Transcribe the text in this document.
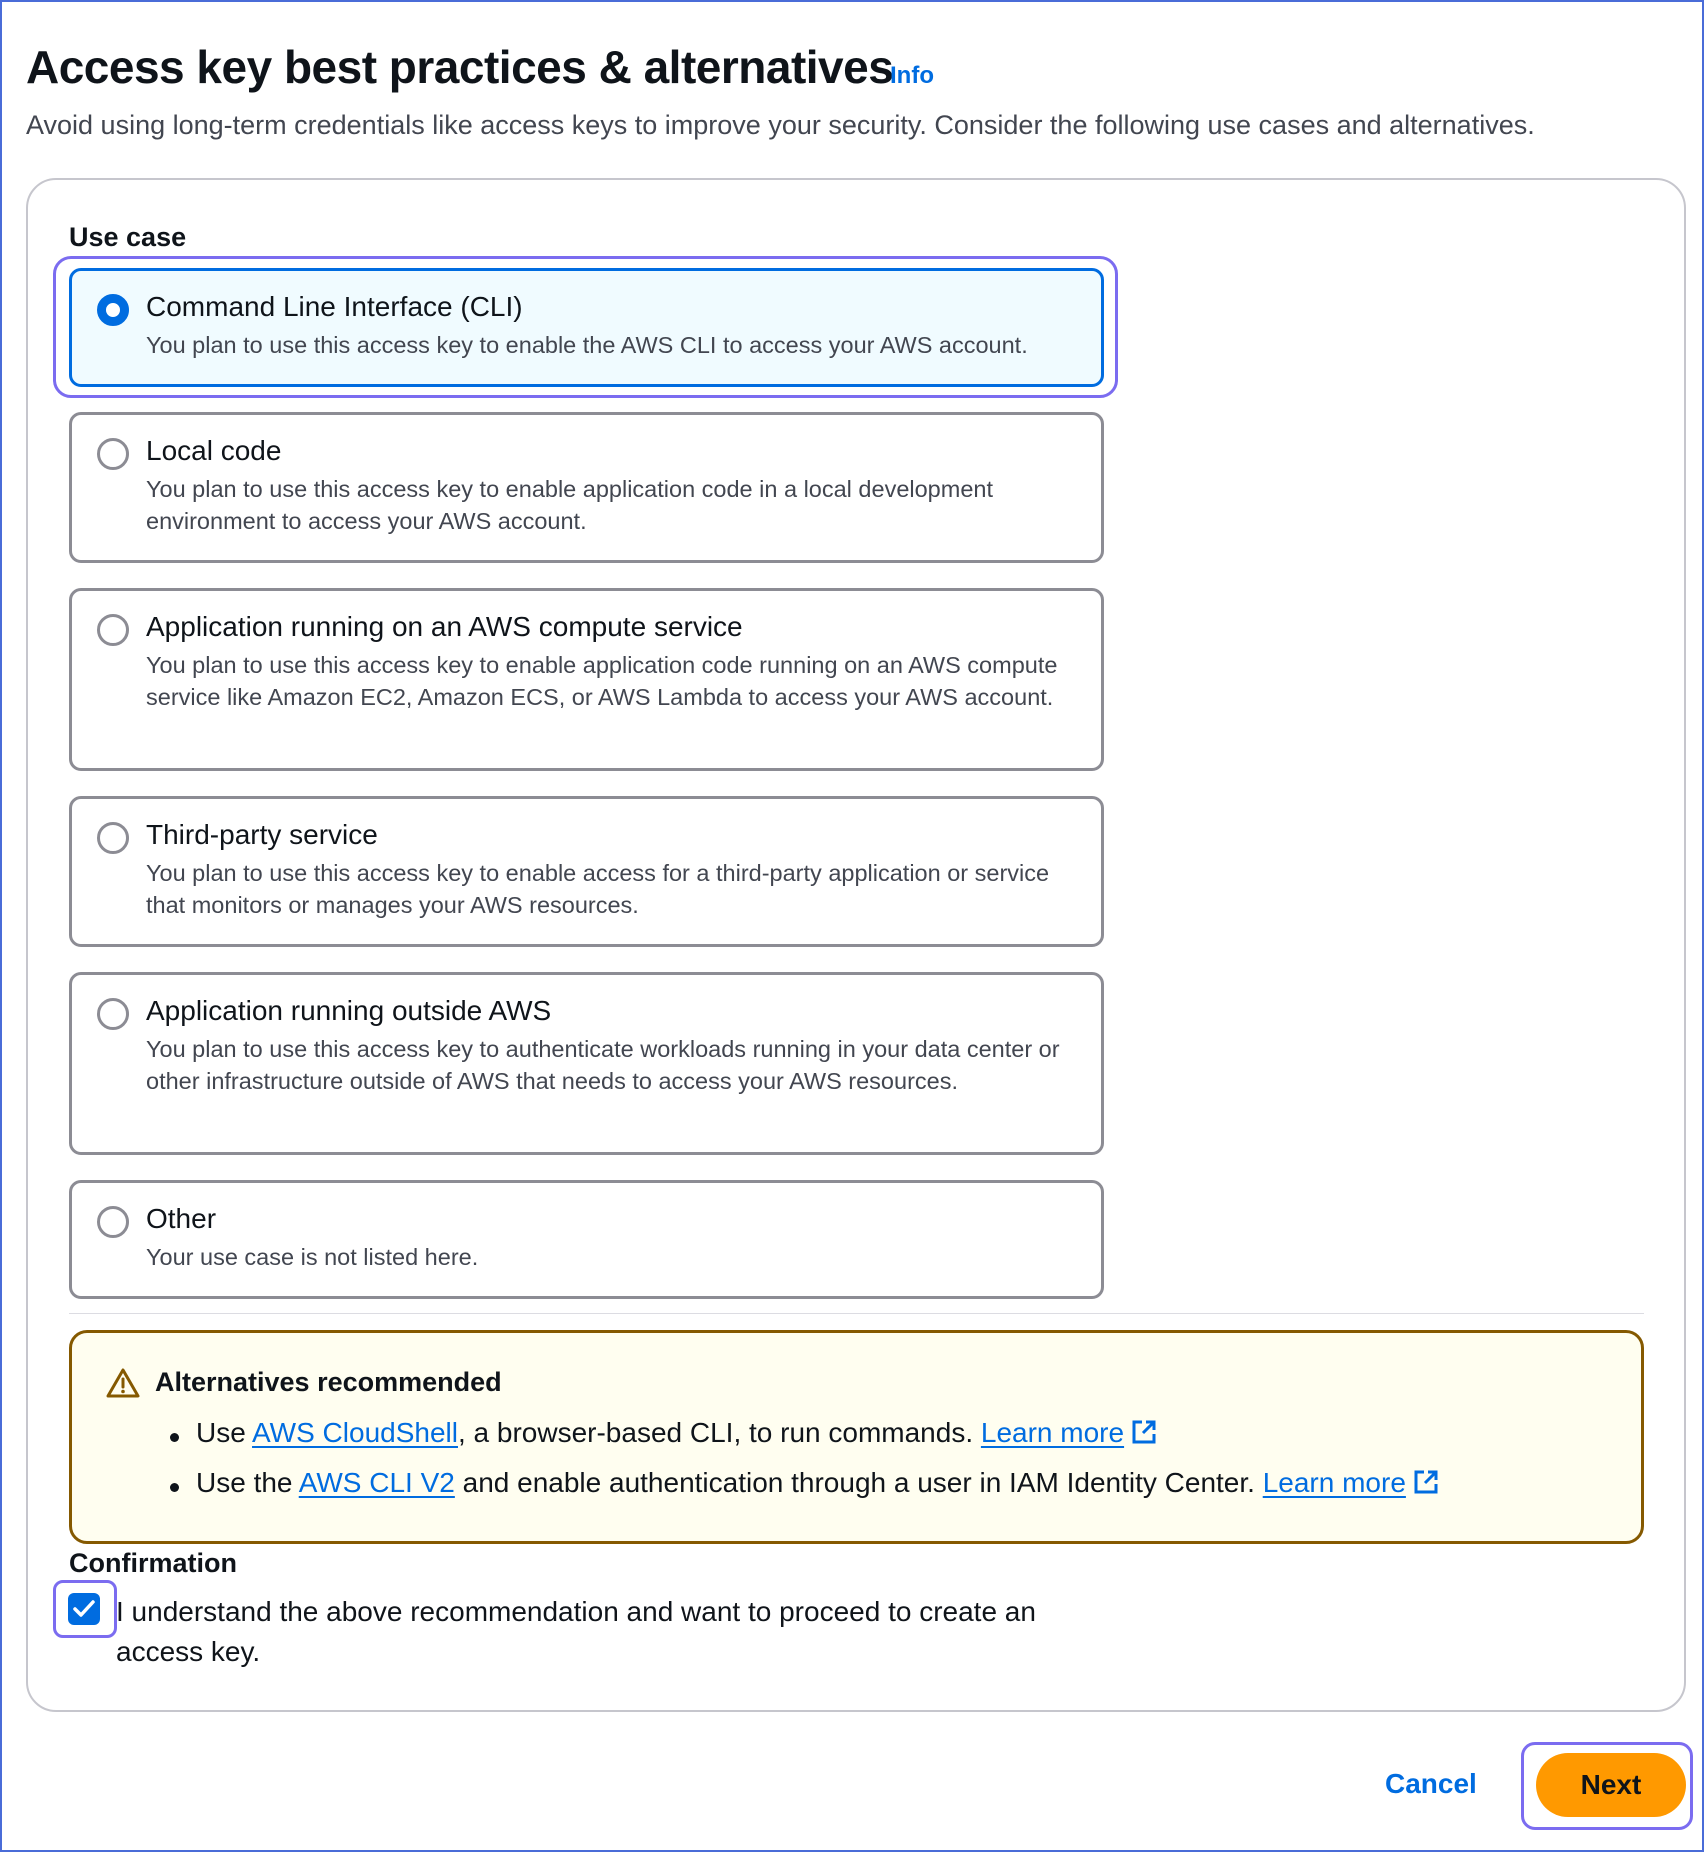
Access key best practices & alternatives
Info

Avoid using long-term credentials like access keys to improve your security. Consider the following use cases and alternatives.

Use case
Command Line Interface (CLI)
You plan to use this access key to enable the AWS CLI to access your AWS account.
Local code
You plan to use this access key to enable application code in a local development environment to access your AWS account.
Application running on an AWS compute service
You plan to use this access key to enable application code running on an AWS compute service like Amazon EC2, Amazon ECS, or AWS Lambda to access your AWS account.
Third-party service
You plan to use this access key to enable access for a third-party application or service that monitors or manages your AWS resources.
Application running outside AWS
You plan to use this access key to authenticate workloads running in your data center or other infrastructure outside of AWS that needs to access your AWS resources.
Other
Your use case is not listed here.
Alternatives recommended
Use AWS CloudShell, a browser-based CLI, to run commands. Learn more
Use the AWS CLI V2 and enable authentication through a user in IAM Identity Center. Learn more
Confirmation

I understand the above recommendation and want to proceed to create an access key.

Cancel	Next
